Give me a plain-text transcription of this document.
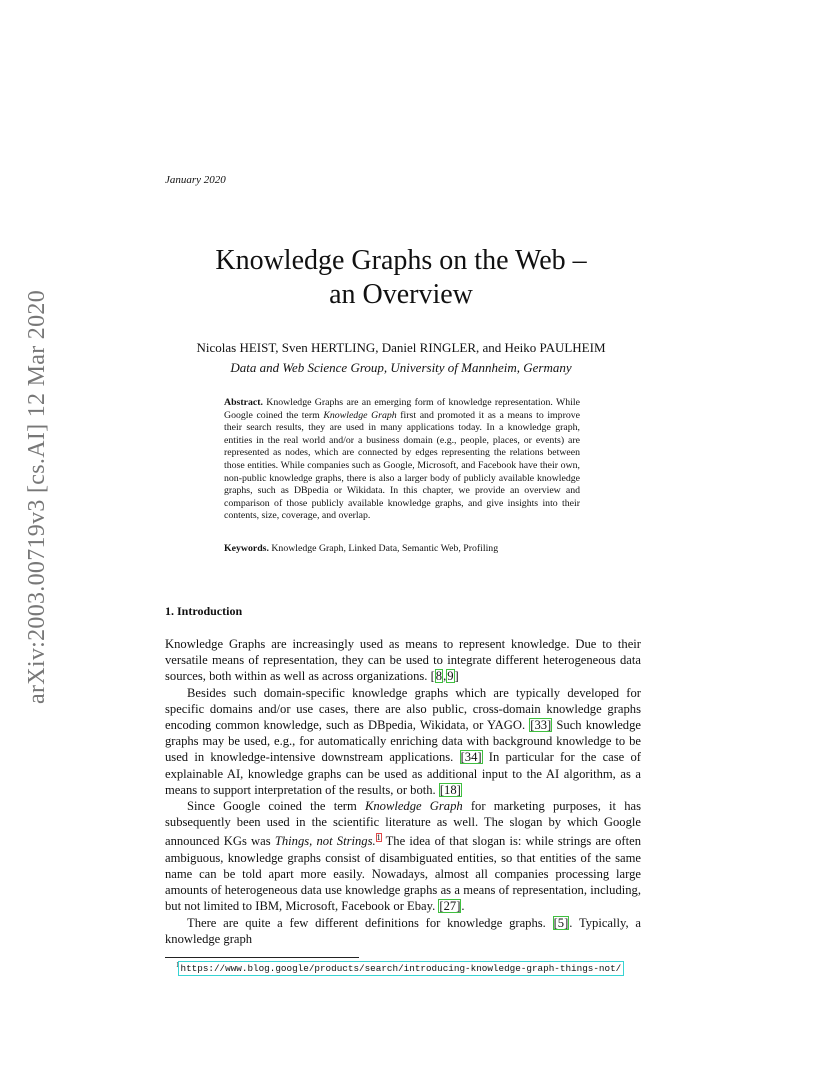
arXiv:2003.00719v3 [cs.AI] 12 Mar 2020
January 2020
Knowledge Graphs on the Web –
an Overview
Nicolas HEIST, Sven HERTLING, Daniel RINGLER, and Heiko PAULHEIM
Data and Web Science Group, University of Mannheim, Germany
Abstract. Knowledge Graphs are an emerging form of knowledge representation. While Google coined the term Knowledge Graph first and promoted it as a means to improve their search results, they are used in many applications today. In a knowledge graph, entities in the real world and/or a business domain (e.g., people, places, or events) are represented as nodes, which are connected by edges representing the relations between those entities. While companies such as Google, Microsoft, and Facebook have their own, non-public knowledge graphs, there is also a larger body of publicly available knowledge graphs, such as DBpedia or Wikidata. In this chapter, we provide an overview and comparison of those publicly available knowledge graphs, and give insights into their contents, size, coverage, and overlap.
Keywords. Knowledge Graph, Linked Data, Semantic Web, Profiling
1. Introduction

Knowledge Graphs are increasingly used as means to represent knowledge. Due to their versatile means of representation, they can be used to integrate different heterogeneous data sources, both within as well as across organizations. [8,9]

Besides such domain-specific knowledge graphs which are typically developed for specific domains and/or use cases, there are also public, cross-domain knowledge graphs encoding common knowledge, such as DBpedia, Wikidata, or YAGO. [33] Such knowledge graphs may be used, e.g., for automatically enriching data with background knowledge to be used in knowledge-intensive downstream applications. [34] In particular for the case of explainable AI, knowledge graphs can be used as additional input to the AI algorithm, as a means to support interpretation of the results, or both. [18]

Since Google coined the term Knowledge Graph for marketing purposes, it has subsequently been used in the scientific literature as well. The slogan by which Google announced KGs was Things, not Strings.$^1$ The idea of that slogan is: while strings are often ambiguous, knowledge graphs consist of disambiguated entities, so that entities of the same name can be told apart more easily. Nowadays, almost all companies processing large amounts of heterogeneous data use knowledge graphs as a means of representation, including, but not limited to IBM, Microsoft, Facebook or Ebay. [27].

There are quite a few different definitions for knowledge graphs. [5]. Typically, a knowledge graph

$^1$https://www.blog.google/products/search/introducing-knowledge-graph-things-not/
